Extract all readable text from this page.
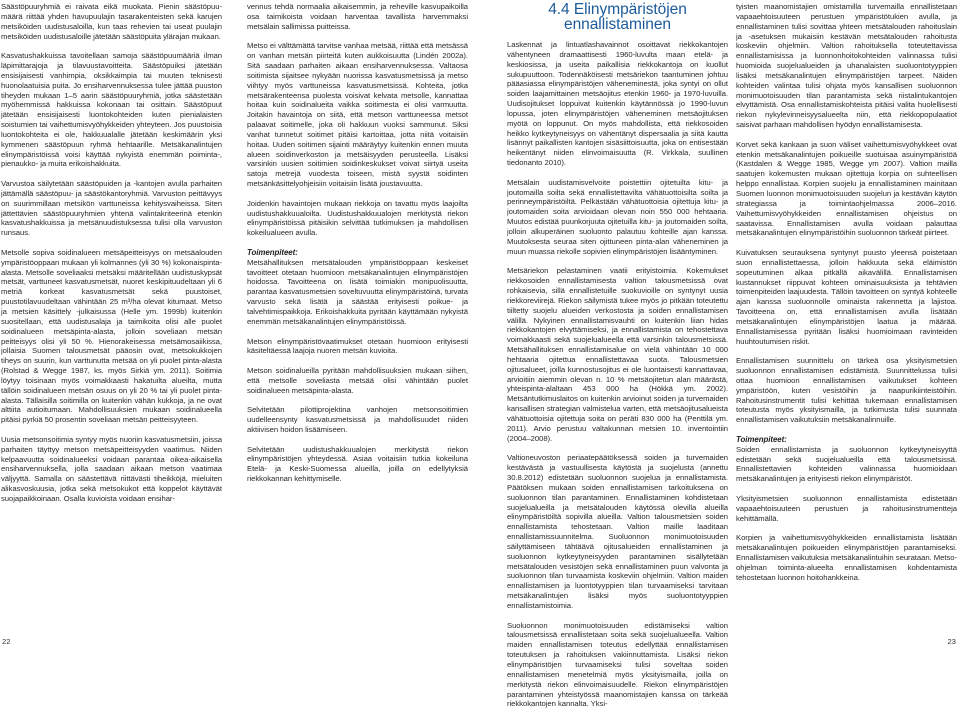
Säästöpuuryhmiä ei raivata eikä muokata. Pienin säästöpuu-määrä riittää yhden havupuulajin tasarakenteisten sekä karujen metsiköiden uudistusaloilla, kun taas rehevien tai useat puulajin metsiköiden uudistusaloille jätetään säästöpuita ylärajan mukaan.

Kasvatushakkuissa tavoitellaan samoja säästöpuumääriä ilman läpimittarajoja ja tilavuustavoitteita. Säästöpuiksi jätetään ensisijaisesti vanhimpia, oksikkaimpia tai muuten teknisesti huonolaatuisia puita. Jo ensiharvennuksessa tulee jättää puuston tiheyden mukaan 1–5 aarin säästöpuuryhmiä, jotka säästetään myöhemmissä hakkuissa kokonaan tai osittain. Säästöpuut jätetään ensisijaisesti luontokohteiden kuten pienialaisten soistumien tai vaihettumisvyöhykkeiden yhteyteen. Jos puustoisia luontokohteita ei ole, hakkuualalle jätetään keskimäärin yksi kymmenen säästöpuun ryhmä hehtaarille. Metsäkanalintujen elinympäristöissä voisi käyttää nykyistä enemmän poiminta-, pienaukko- ja muita erikoishakkuita.

Varvustoa säilytetään säästöpuiden ja -kantojen avulla parhaiten jättämällä säästöpuu- ja säästökantoryhmiä. Varvuston peittävyys on suurimmillaan metsikön varttuneissa kehitysvaiheissa. Siten jättettävien säästöpuuryhmien yhtenä valintakriteerinä etenkin kasvatushakkuissa ja metsänuudistuksessa tulisi olla varvuston runsaus.

Metsolle sopiva soidinalueen metsäpeitteisyys on metsäalouden ympäristöoppaan mukaan yli kolmannes (yli 30 %) kokonaispinta-alasta. Metsolle soveliaaksi metsäksi määritellään uudistuskypsät metsät, varttuneet kasvatusmetsät, nuoret keskipituudeltaan yli 6 metriä korkeat kasvatusmetsät sekä puustoiset, puustotilavuudeltaan vähintään 25 m³/ha olevat kitumaat. Metso ja metsien käsittely -julkaisussa (Helle ym. 1999b) kuitenkin suositellaan, että uudistusalaja ja taimikoita olisi alle puolet soidinalueen metsäpinta-alasta, jolloin soveliaan metsän peitteisyys olisi yli 50 %. Hienorakeisessa metsämosaiikissa, jollaisia Suomen talousmetsät pääosin ovat, metsokukkojen tiheys on suurin, kun varttunutta metsää on yli puolet pinta-alasta (Rolstad & Wegge 1987, ks. myös Sirkiä ym. 2011). Soitimia löytyy toisinaan myös voimakkaasti hakatuilta alueilta, mutta tällöin soidinalueen metsän osuus on yli 20 % tai yli puolet pinta-alasta. Tällaisilla soitimilla on kuitenkin vähän kukkoja, ja ne ovat alttiita autioitumaan. Mahdollisuuksien mukaan soidinalueella pitäisi pyrkiä 50 prosentin soveliaan metsän peitteisyyteen.

Uusia metsonsoitimia syntyy myös nuoriin kasvatusmetsiin, joissa parhaiten täyttyy metson metsäpeitteisyyden vaatimus. Niiden kelpaavuutta soidinalueeksi voidaan parantaa oikea-aikaisella ensiharvennuksella, jolla saadaan aikaan metson vaatimaa väljyyttä. Samalla on säästettävä riittävästi tiheikköjä, mieluiten alikasvoskuusia, jotka sekä metsokukot että koppelot käyttävät suojapaikkoinaan. Osalla kuvioista voidaan ensihar-

vennus tehdä normaalia aikaisemmin, ja reheville kasvupaikoilla osa taimikoista voidaan harventaa tavallista harvemmaksi metsälain sallimissa puitteissa.

Metso ei välttämättä tarvitse vanhaa metsää, riittää että metsässä on vanhan metsän piirteitä kuten aukkoisuutta (Lindén 2002a). Sitä saadaan parhaiten aikaan ensiharvennuksessa. Valtaosa soitimista sijaitsee nykyään nuorissa kasvatusmetsissä ja metso viihtyy myös varttuneissa kasvatusmetsissä. Kohteita, jotka metsärakenteensa puolesta voisivat kelvata metsolle, kannattaa hoitaa kuin soidinalueita vaikka soitimesta ei olisi varmuutta. Joitakin havaintoja on siitä, että metson varttuneessa metsot palaavat soitimelle, joka oli hakkuun vuoksi sammunut. Siksi vanhat tunnetut soitimet pitäisi kartoittaa, jotta niitä voitaisiin hoitaa. Uuden soitimen sijainti määräytyy kuitenkin ennen muuta alueen soidinverkoston ja metsäisyyden perusteella. Lisäksi varsinkin uusien soitimien soidinkeskukset voivat siirtyä useita satoja metrejä vuodesta toiseen, mistä syystä soidinten metsänkäsittelyohjeisiin voitaisiin lisätä joustavuutta.

Joidenkin havaintojen mukaan riekkoja on tavattu myös laajoilta uudistushakkuualoilta. Uudistushakkuualojen merkitystä riekon elinympäristöissä pitäisikin selvittää tutkimuksen ja mahdollisen kokeilualueen avulla.

Toimenpiteet:

Metsähallituksen metsätalouden ympäristöoppaan keskeiset tavoitteet otetaan huomioon metsäkanalintujen elinympäristöjen hoidossa. Tavoitteena on lisätä toimiakin monipuolisuutta, parantaa kasvatusmetsien soveltuvuutta elinympäristöinä, turvata varvusto sekä lisätä ja säästää erityisesti poikue- ja talvehtimispaikkoja. Erikoishakkuita pyritään käyttämään nykyistä enemmän metsäkanalintujen elinympäristöissä.

Metson elinympäristövaatimukset otetaan huomioon erityisesti käsiteltäessä laajoja nuoren metsän kuvioita.

Metson soidinalueilla pyritään mahdollisuuksien mukaan siihen, että metsolle soveliasta metsää olisi vähintään puolet soidinalueen metsäpinta-alasta.

Selvitetään pilottiprojektina vanhojen metsonsoitimien uudelleensynty kasvatusmetsissä ja mahdollisuudet niiden aktiivisen hoidon lisäämiseen.

Selvitetään uudistushakkuualojen merkitystä riekon elinympäristöjen yhteydessä. Asiaa voitaisiin tutkia kokeiluna Etelä- ja Keski-Suomessa alueilla, joilla on edellytyksiä riekkokannan kehittymiselle.

4.4 Elinympäristöjen
ennallistaminen

Laskennat ja lintuatlashavainnot osoittavat riekkokantojen vähentyneen dramaattisesti 1960-luvulta maan etelä- ja keskiosissa, ja useita paikallisia riekkokantoja on kuollut sukupuuttoon. Todennäköisesti metsäriekon taantuminen johtuu pääasiassa elinympäristöjen väheneminestä, joka syntyi on ollut soiden laajamittainen metsäojitus etenkin 1960- ja 1970-luvuilla. Uudisojitukset loppuivat kuitenkin käytännössä jo 1990-luvun lopussa, joten elinympäristöjen väheneminen metsäojituksen myötä on loppunut. On myös mahdollista, että riekkosoiden heikko kytkeytyneisyys on vähentänyt dispersaalia ja siitä kautta lisännyt paikallisten kantojen sisäsiittoisuutta, joka on entisestään heikentänyt niiden elinvoimaisuutta (R. Virkkala, suullinen tiedonanto 2010).

Metsälain uudistamisvelvoite poistettiin ojitetuilta kitu- ja joutomailla soilta sekä ennallistettavilta vähätuottoisilta soilta ja perinneympäristöiltä. Pelkästään vähätuottoisia ojitettuja kitu- ja joutomaiden soita arvioidaan olevan noin 550 000 hehtaaria. Muutos edistää puunkorjuuta ojitetuilla kitu- ja joutomaiden soilta, jolloin alkuperäinen suoluonto palautuu kohteille ajan kanssa. Muutoksesta seuraa siten ojittuneen pinta-alan väheneminen ja muun muassa riekolle sopivien elinympäristöjen lisääntyminen.

Metsäriekon pelastaminen vaatii erityistoimia. Kokemukset riekkosoiden ennallistamisesta valtion talousmetsissä ovat rohkaisevia, sillä ennallistetuille suokuvioille on syntynyt uusia riekkoreviirejä. Riekon säilymistä tukee myös jo pitkään toteutettu tiiltetty suojelu alueiden verkostosta ja soiden ennallistamisen välillä. Nykyinen ennallistamisvauhti on kuitenkin liian hidas riekkokantojen elvyttämiseksi, ja ennallistamista on tehostettava voimakkaasti sekä suojelualueella että varsinkin talousmetsissä. Metsähallituksen ennallistamisalue on vielä vähintään 10 000 hehtaaria ojitettua ennallistettavaa suota. Talousmetsien ojitusalueet, joilla kunnostusojitus ei ole luontaisesti kannattavaa, arvioitiin aiemmin olevan n. 10 % metsäojitetun alan määrästä, yhteispinta-alaltaan 453 000 ha (Hökkä ym. 2002). Metsäntutkimuslaitos on kuitenkin arvioinut soiden ja turvemaiden kansallisen strategian valmistelua varten, että metsäojitusalueista vähätuottoisia ojitettuja soita on peräti 830 000 ha (Penttilä ym. 2011). Arvio perustuu valtakunnan metsien 10. inventointiin (2004–2008).

Valtioneuvoston periaatepäätöksessä soiden ja turvemaiden kestävästä ja vastuullisesta käytöstä ja suojelusta (annettu 30.8.2012) edistetään suoluonnon suojelua ja ennallistamista. Päätöksen mukaan soiden ennallistamisen tarkoituksena on suoluonnon tilan parantaminen. Ennallistaminen kohdistetaan suojelualueilla ja metsätalouden käytössä olevilla alueilla elinympäristöiltä sopivilla alueilla. Valtion talousmetsien soiden ennallistamista tehostetaan. Valtion maille laaditaan ennallistamissuunnitelma. Suoluonnon monimuotoisuuden säilyttämiseen tähtäävä ojitusalueiden ennallistaminen ja suoluonnon kytkeytyneisyyden parantaminen sisällytetään metsätalouden vesistöjen sekä ennallistaminen puun valvonta ja suoluonnon tilan turvaamista koskeviin ohjelmiin. Valtion maiden ennallistamisen ja luontotyyppien tilan turvaamiseksi tarvitaan metsäkanalintujen lisäksi myös suoluontotyyppien ennallistamistoimia.

Suoluonnon monimuotoisuuden edistämiseksi valtion talousmetsissä ennallistetaan soita sekä suojelualueella. Valtion maiden ennallistamisen toteutus edellyttää ennallistamisen toteutuksen ja rahoituksen vakiinnuttamista. Lisäksi riekon elinympäristöjen turvaamiseksi tulisi soveltaa soiden ennallistamisen menetelmiä myös yksityismailla, joilla on merkitystä riekon elinvoimaisuudelle. Riekon elinympäristöjen parantaminen yhteistyössä maanomistajien kanssa on tärkeää riekkokantojen kannalta. Yksi-

tyisten maanomistajien omistamilla turvemailla ennallistetaan vapaaehtoisuuteen perustuen ympäristötukien avulla, ja ennallistaminen tulisi sovittaa yhteen metsätalouden rahoituslain ja -asetuksen mukaisiin kestävän metsätalouden rahoitusta koskeviin ohjelmiin. Valtion rahoituksella toteutettavissa ennallistamisissa ja luonnonhoitokohteiden valinnassa tulisi huomioida suojelualueiden ja uhanalaisten suoluontotyyppien lisäksi metsäkanalintujen elinympäristöjen tarpeet. Näiden kohteiden valintaa tulisi ohjata myös kansallisen suoluonnon monimuotoisuuden tilan parantamista sekä riistalintukantojen elvyttämistä. Osa ennallistamiskohteista pitäisi valita huolellisesti riekon nykylevinneisyysalueelta niin, että riekkopopulaatiot saisivat parhaan mahdollisen hyödyn ennallistamisesta.

Korvet sekä kankaan ja suon väliset vaihettumisvyöhykkeet ovat etenkin metsäkanalintujen poikueille suotuisaa asuinympäristöä (Kastdalen & Wegge 1985, Wegge ym 2007). Valtion mailla saatujen kokemusten mukaan ojitettuja korpia on suhteellisen helppo ennallistaa. Korpien suojelu ja ennallistaminen mainitaan Suomen luonnon monimuotoisuuden suojelun ja kestävän käytön strategiassa ja toimintaohjelmassa 2006–2016. Vaihettumisvyöhykkeiden ennallistamisen ohjeistus on saatavissa. Ennallistamisen avulla voidaan palauttaa metsäkanalintujen elinympäristöihin suoluonnon tärkeät piirteet.

Kuivatuksen seurauksena syntynyt puusto yleensä poistetaan suon ennallistettaessa, jolloin hakkuuta sekä eläimistön sopeutuminen alkaa pitkällä aikavälillä. Ennallistamisen kustannukset riippuvat kohteen ominaisuuksista ja tehtävien toimenpiteiden laajuudesta. Tällöin tavoitteen on syntyä kohteelle ajan kanssa suoluonnolle ominaista rakennetta ja lajistoa. Tavoitteena on, että ennallistamisen avulla lisätään metsäkanalintujen elinympäristöjen laatua ja määrää. Ennallistamisessa pyritään lisäksi huomioimaan ravinteiden huuhtoutumisen riskit.

Ennallistamisen suunnittelu on tärkeä osa yksityismetsien suoluonnon ennallistamisen edistämistä. Suunnittelussa tulisi ottaa huomioon ennallistamisen vaikutukset kohteen ympäristöön, kuten vesistöihin ja naapurikiinteistöihin. Rahoitusinstrumentit tulisi kehittää tukemaan ennallistamisen toteutusta myös yksityismailla, ja tutkimusta tulisi suunnata ennallistamisen vaikutuksiin metsäkanalinnuille.

Toimenpiteet:

Soiden ennallistamista ja suoluonnon kytkeytyneisyyttä edistetään sekä suojelualueilla että talousmetsissä. Ennallistettavien kohteiden valinnassa huomioidaan metsäkanalintujen ja erityisesti riekon elinympäristöt.

Yksityismetsien suoluonnon ennallistamista edistetään vapaaehtoisuuteen perustuen ja rahoitusinstrumentteja kehittämällä.

Korpien ja vaihettumisvyöhykkeiden ennallistamista lisätään metsäkanalintujen poikueiden elinympäristöjen parantamiseksi. Ennallistamisen vaikutuksia metsäkanalintuihin seurataan. Metso- ohjelman toiminta-alueelta ennallistamisen kohdentamista tehostetaan luonnon hoitohankkeina.

22	23
